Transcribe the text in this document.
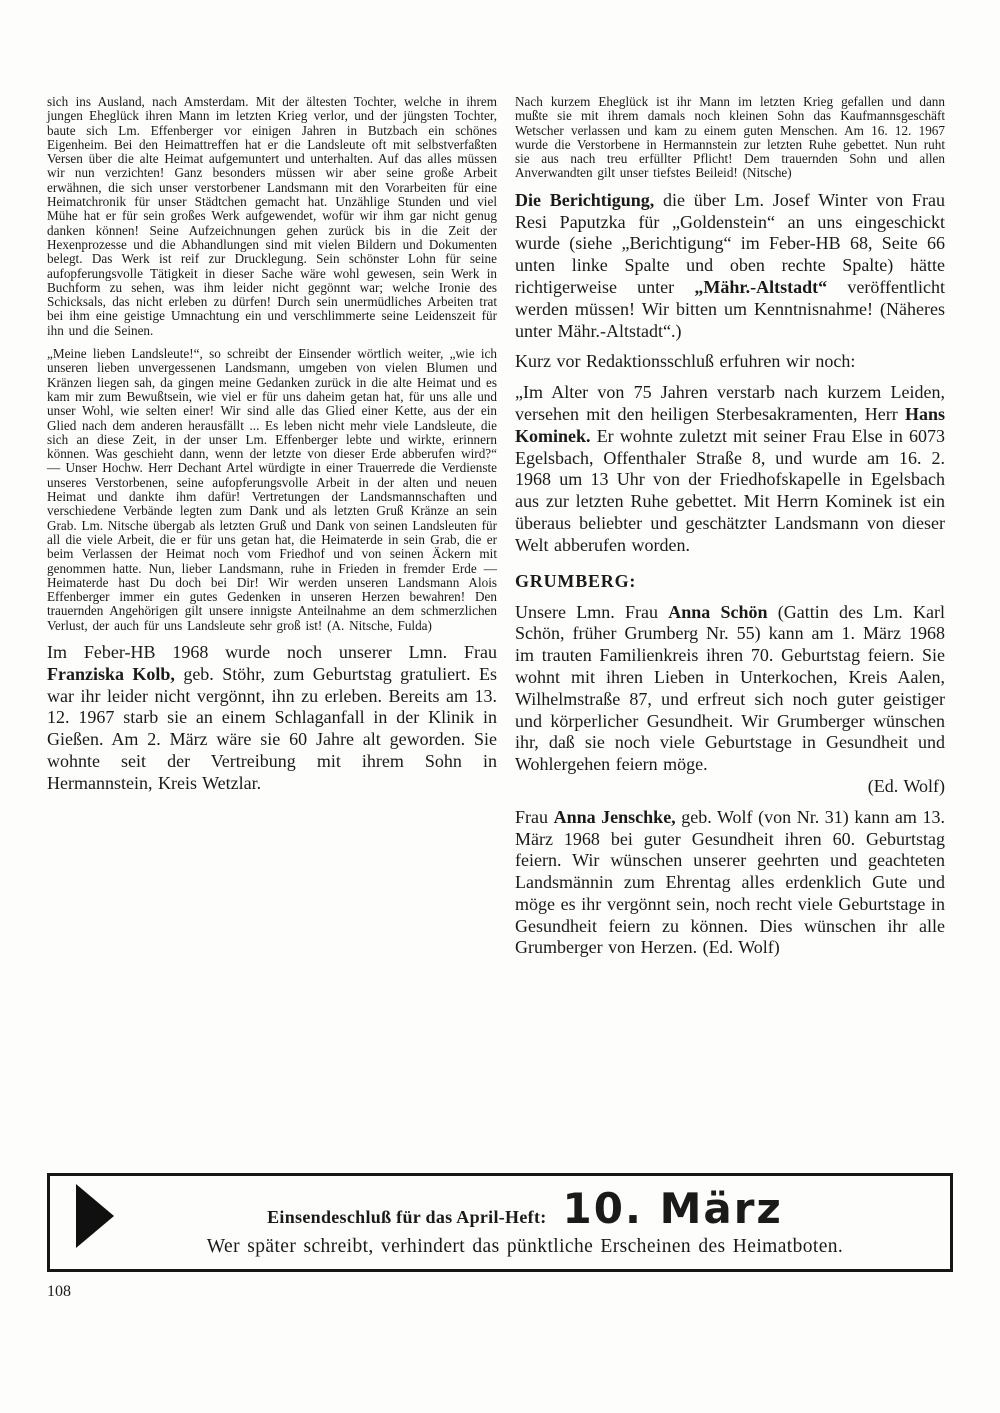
sich ins Ausland, nach Amsterdam. Mit der ältesten Tochter, welche in ihrem jungen Eheglück ihren Mann im letzten Krieg verlor, und der jüngsten Tochter, baute sich Lm. Effenberger vor einigen Jahren in Butzbach ein schönes Eigenheim. Bei den Heimattreffen hat er die Landsleute oft mit selbstverfaßten Versen über die alte Heimat aufgemuntert und unterhalten. Auf das alles müssen wir nun verzichten! Ganz besonders müssen wir aber seine große Arbeit erwähnen, die sich unser verstorbener Landsmann mit den Vorarbeiten für eine Heimatchronik für unser Städtchen gemacht hat. Unzählige Stunden und viel Mühe hat er für sein großes Werk aufgewendet, wofür wir ihm gar nicht genug danken können! Seine Aufzeichnungen gehen zurück bis in die Zeit der Hexenprozesse und die Abhandlungen sind mit vielen Bildern und Dokumenten belegt. Das Werk ist reif zur Drucklegung. Sein schönster Lohn für seine aufopferungsvolle Tätigkeit in dieser Sache wäre wohl gewesen, sein Werk in Buchform zu sehen, was ihm leider nicht gegönnt war; welche Ironie des Schicksals, das nicht erleben zu dürfen! Durch sein unermüdliches Arbeiten trat bei ihm eine geistige Umnachtung ein und verschlimmerte seine Leidenszeit für ihn und die Seinen.

„Meine lieben Landsleute!“, so schreibt der Einsender wörtlich weiter, „wie ich unseren lieben unvergessenen Landsmann, umgeben von vielen Blumen und Kränzen liegen sah, da gingen meine Gedanken zurück in die alte Heimat und es kam mir zum Bewußtsein, wie viel er für uns daheim getan hat, für uns alle und unser Wohl, wie selten einer! Wir sind alle das Glied einer Kette, aus der ein Glied nach dem anderen herausfällt ... Es leben nicht mehr viele Landsleute, die sich an diese Zeit, in der unser Lm. Effenberger lebte und wirkte, erinnern können. Was geschieht dann, wenn der letzte von dieser Erde abberufen wird?“ — Unser Hochw. Herr Dechant Artel würdigte in einer Trauerrede die Verdienste unseres Verstorbenen, seine aufopferungsvolle Arbeit in der alten und neuen Heimat und dankte ihm dafür! Vertretungen der Landsmannschaften und verschiedene Verbände legten zum Dank und als letzten Gruß Kränze an sein Grab. Lm. Nitsche übergab als letzten Gruß und Dank von seinen Landsleuten für all die viele Arbeit, die er für uns getan hat, die Heimaterde in sein Grab, die er beim Verlassen der Heimat noch vom Friedhof und von seinen Äckern mit genommen hatte. Nun, lieber Landsmann, ruhe in Frieden in fremder Erde — Heimaterde hast Du doch bei Dir! Wir werden unseren Landsmann Alois Effenberger immer ein gutes Gedenken in unseren Herzen bewahren! Den trauernden Angehörigen gilt unsere innigste Anteilnahme an dem schmerzlichen Verlust, der auch für uns Landsleute sehr groß ist! (A. Nitsche, Fulda)

Im Feber-HB 1968 wurde noch unserer Lmn. Frau Franziska Kolb, geb. Stöhr, zum Geburtstag gratuliert. Es war ihr leider nicht vergönnt, ihn zu erleben. Bereits am 13. 12. 1967 starb sie an einem Schlaganfall in der Klinik in Gießen. Am 2. März wäre sie 60 Jahre alt geworden. Sie wohnte seit der Vertreibung mit ihrem Sohn in Hermannstein, Kreis Wetzlar.

Nach kurzem Eheglück ist ihr Mann im letzten Krieg gefallen und dann mußte sie mit ihrem damals noch kleinen Sohn das Kaufmannsgeschäft Wetscher verlassen und kam zu einem guten Menschen. Am 16. 12. 1967 wurde die Verstorbene in Hermannstein zur letzten Ruhe gebettet. Nun ruht sie aus nach treu erfüllter Pflicht! Dem trauernden Sohn und allen Anverwandten gilt unser tiefstes Beileid! (Nitsche)

Die Berichtigung, die über Lm. Josef Winter von Frau Resi Paputzka für „Goldenstein“ an uns eingeschickt wurde (siehe „Berichtigung“ im Feber-HB 68, Seite 66 unten linke Spalte und oben rechte Spalte) hätte richtigerweise unter „Mähr.-Altstadt“ veröffentlicht werden müssen! Wir bitten um Kenntnisnahme! (Näheres unter Mähr.-Altstadt“.)

Kurz vor Redaktionsschluß erfuhren wir noch:

„Im Alter von 75 Jahren verstarb nach kurzem Leiden, versehen mit den heiligen Sterbesakramenten, Herr Hans Kominek. Er wohnte zuletzt mit seiner Frau Else in 6073 Egelsbach, Offenthaler Straße 8, und wurde am 16. 2. 1968 um 13 Uhr von der Friedhofskapelle in Egelsbach aus zur letzten Ruhe gebettet. Mit Herrn Kominek ist ein überaus beliebter und geschätzter Landsmann von dieser Welt abberufen worden.

GRUMBERG:

Unsere Lmn. Frau Anna Schön (Gattin des Lm. Karl Schön, früher Grumberg Nr. 55) kann am 1. März 1968 im trauten Familienkreis ihren 70. Geburtstag feiern. Sie wohnt mit ihren Lieben in Unterkochen, Kreis Aalen, Wilhelmstraße 87, und erfreut sich noch guter geistiger und körperlicher Gesundheit. Wir Grumberger wünschen ihr, daß sie noch viele Geburtstage in Gesundheit und Wohlergehen feiern möge.
(Ed. Wolf)

Frau Anna Jenschke, geb. Wolf (von Nr. 31) kann am 13. März 1968 bei guter Gesundheit ihren 60. Geburtstag feiern. Wir wünschen unserer geehrten und geachteten Landsmännin zum Ehrentag alles erdenklich Gute und möge es ihr vergönnt sein, noch recht viele Geburtstage in Gesundheit feiern zu können. Dies wünschen ihr alle Grumberger von Herzen. (Ed. Wolf)

Einsendeschluß für das April-Heft: 10. März
Wer später schreibt, verhindert das pünktliche Erscheinen des Heimatboten.
108
